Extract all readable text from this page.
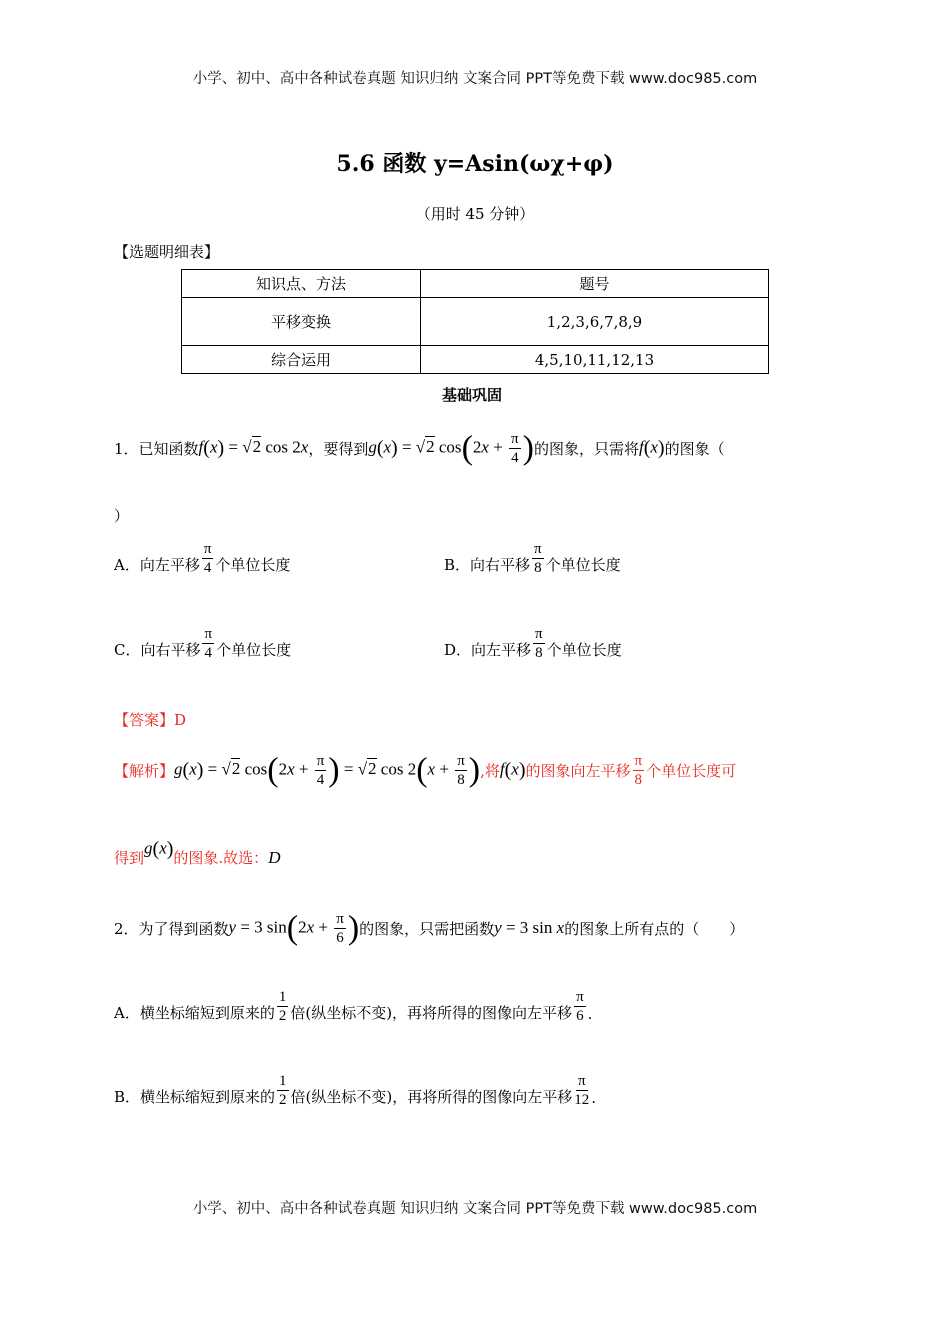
小学、初中、高中各种试卷真题 知识归纳 文案合同 PPT等免费下载 www.doc985.com
5.6 函数 y=Asin(ωχ+φ)
（用时 45 分钟）
【选题明细表】
知识点、方法	题号
平移变换	1,2,3,6,7,8,9
综合运用	4,5,10,11,12,13
基础巩固
1．已知函数 f(x) = √2 cos 2x ，要得到 g(x) = √2 $\cos(2x + \frac{\pi}{4}$ ) 的图象，只需将 f(x) 的图象（
）
A．向左平移 $\frac{\pi}{4}$ 个单位长度	B．向右平移 $\frac{\pi}{8}$ 个单位长度
C．向右平移 $\frac{\pi}{4}$ 个单位长度	D．向左平移 $\frac{\pi}{8}$ 个单位长度
【答案】D
【解析】 g(x) = √2 $\cos(2x + \frac{\pi}{4}$ ) = √2 $\cos 2(x + \frac{\pi}{8}$ ) ,将 f(x) 的图象向左平移 $\frac{\pi}{8}$ 个单位长度可
得到
g(x) 的图象.故选： D
2．为了得到函数 y = 3 $\sin(2x + \frac{\pi}{6}$ ) 的图象，只需把函数 y = 3 sin x 的图象上所有点的（　　）
A．横坐标缩短到原来的 $\frac{1}{2}$ 倍(纵坐标不变)，再将所得的图像向左平移 $\frac{\pi}{6}$ .
B．横坐标缩短到原来的 $\frac{1}{2}$ 倍(纵坐标不变)，再将所得的图像向左平移 $\frac{\pi}{12}$ .
小学、初中、高中各种试卷真题 知识归纳 文案合同 PPT等免费下载 www.doc985.com
